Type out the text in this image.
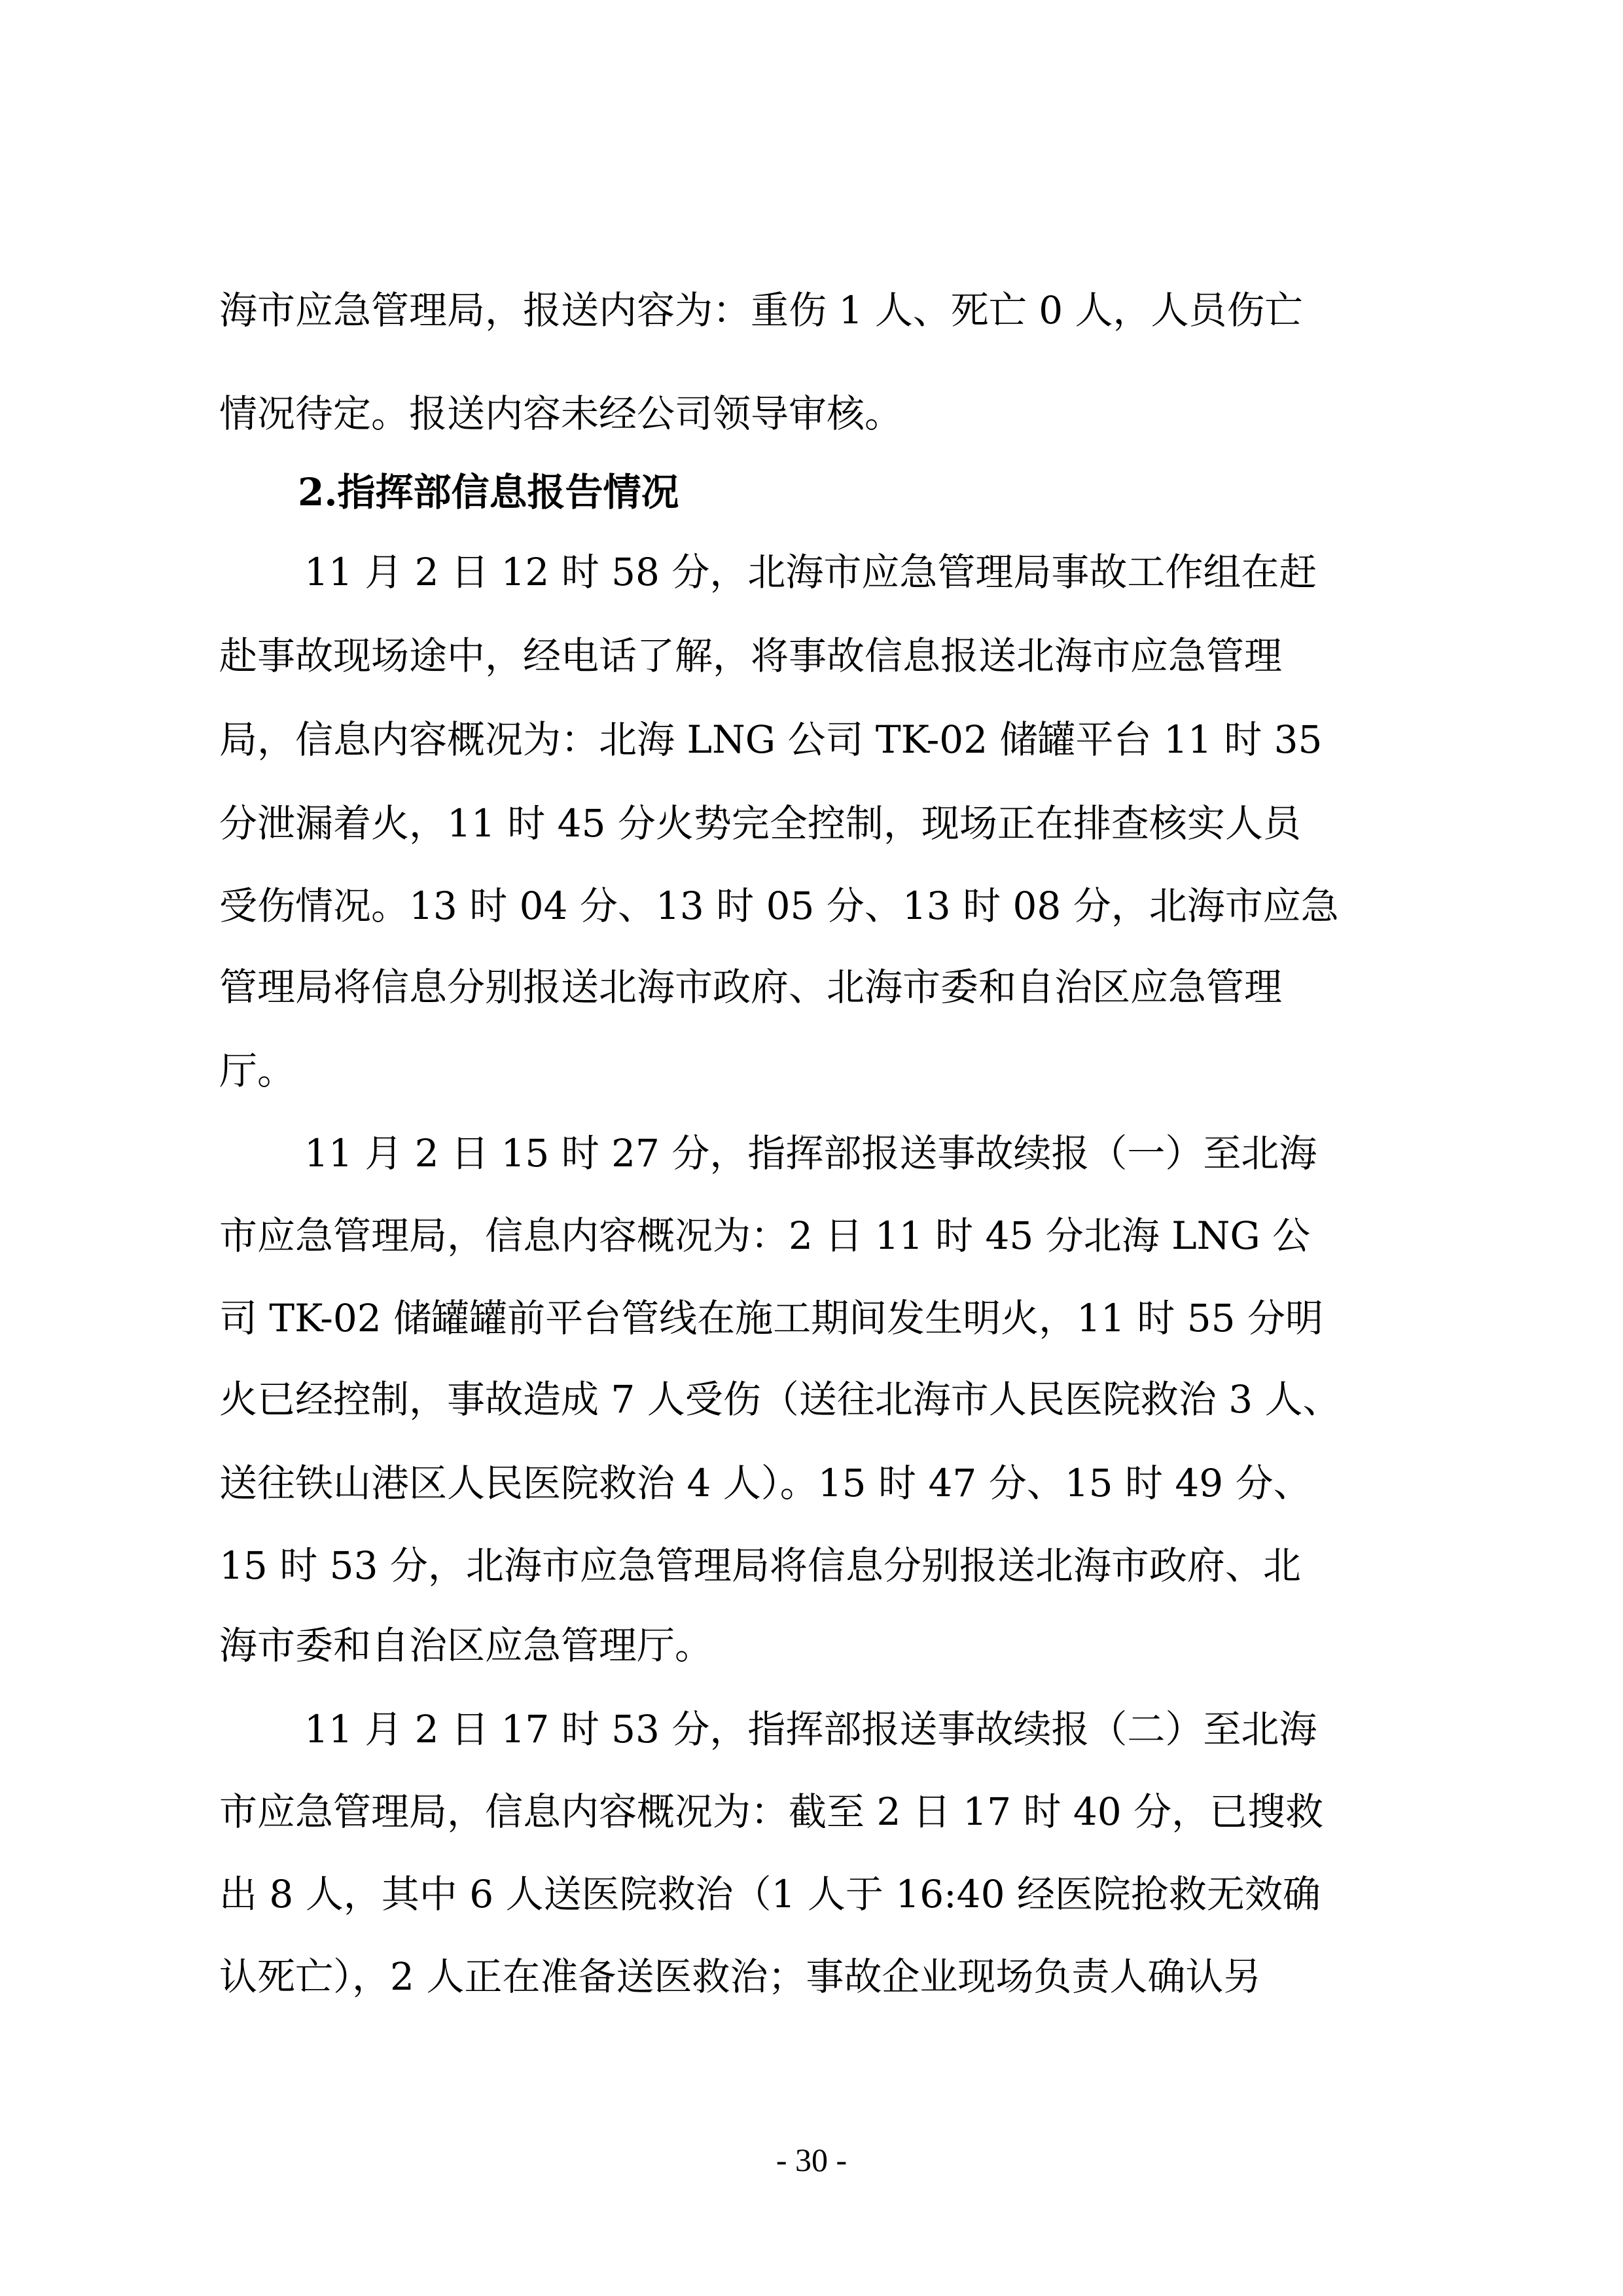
海市应急管理局，报送内容为：重伤 1 人、死亡 0 人，人员伤亡
情况待定。报送内容未经公司领导审核。
2.指挥部信息报告情况
11 月 2 日 12 时 58 分，北海市应急管理局事故工作组在赶
赴事故现场途中，经电话了解，将事故信息报送北海市应急管理
局，信息内容概况为：北海 LNG 公司 TK-02 储罐平台 11 时 35
分泄漏着火，11 时 45 分火势完全控制，现场正在排查核实人员
受伤情况。13 时 04 分、13 时 05 分、13 时 08 分，北海市应急
管理局将信息分别报送北海市政府、北海市委和自治区应急管理
厅。
11 月 2 日 15 时 27 分，指挥部报送事故续报（一）至北海
市应急管理局，信息内容概况为：2 日 11 时 45 分北海 LNG 公
司 TK-02 储罐罐前平台管线在施工期间发生明火，11 时 55 分明
火已经控制，事故造成 7 人受伤（送往北海市人民医院救治 3 人、
送往铁山港区人民医院救治 4 人）。15 时 47 分、15 时 49 分、
15 时 53 分，北海市应急管理局将信息分别报送北海市政府、北
海市委和自治区应急管理厅。
11 月 2 日 17 时 53 分，指挥部报送事故续报（二）至北海
市应急管理局，信息内容概况为：截至 2 日 17 时 40 分，已搜救
出 8 人，其中 6 人送医院救治（1 人于 16:40 经医院抢救无效确
认死亡），2 人正在准备送医救治；事故企业现场负责人确认另
- 30 -
